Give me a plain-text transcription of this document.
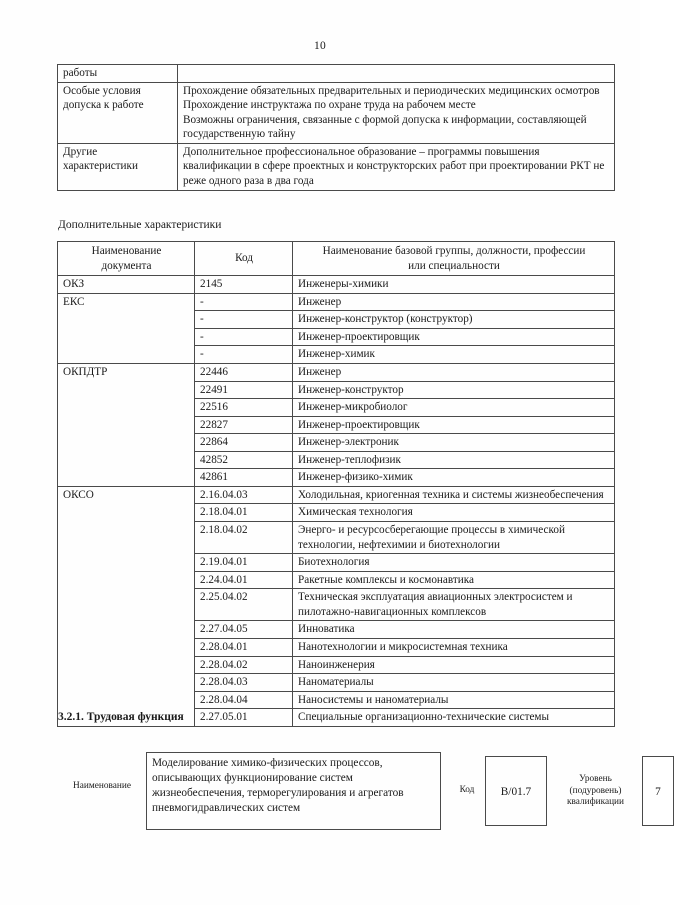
10
работы	
Особые условия
допуска к работе	Прохождение обязательных предварительных и периодических медицинских осмотров
Прохождение инструктажа по охране труда на рабочем месте
Возможны ограничения, связанные с формой допуска к информации, составляющей государственную тайну
Другие
характеристики	Дополнительное профессиональное образование – программы повышения квалификации в сфере проектных и конструкторских работ при проектировании РКТ не реже одного раза в два года
Дополнительные характеристики
Наименование
документа	Код	Наименование базовой группы, должности, профессии
или специальности
ОКЗ	2145	Инженеры-химики
ЕКС	-	Инженер
	-	Инженер-конструктор (конструктор)
	-	Инженер-проектировщик
	-	Инженер-химик
ОКПДТР	22446	Инженер
	22491	Инженер-конструктор
	22516	Инженер-микробиолог
	22827	Инженер-проектировщик
	22864	Инженер-электроник
	42852	Инженер-теплофизик
	42861	Инженер-физико-химик
ОКСО	2.16.04.03	Холодильная, криогенная техника и системы жизнеобеспечения
	2.18.04.01	Химическая технология
	2.18.04.02	Энерго- и ресурсосберегающие процессы в химической технологии, нефтехимии и биотехнологии
	2.19.04.01	Биотехнология
	2.24.04.01	Ракетные комплексы и космонавтика
	2.25.04.02	Техническая эксплуатация авиационных электросистем и пилотажно-навигационных комплексов
	2.27.04.05	Инноватика
	2.28.04.01	Нанотехнологии и микросистемная техника
	2.28.04.02	Наноинженерия
	2.28.04.03	Наноматериалы
	2.28.04.04	Наносистемы и наноматериалы
	2.27.05.01	Специальные организационно-технические системы
3.2.1. Трудовая функция
Наименование
Моделирование химико-физических процессов, описывающих функционирование систем жизнеобеспечения, терморегулирования и агрегатов пневмогидравлических систем
Код	B/01.7
Уровень
(подуровень)
квалификации
7
